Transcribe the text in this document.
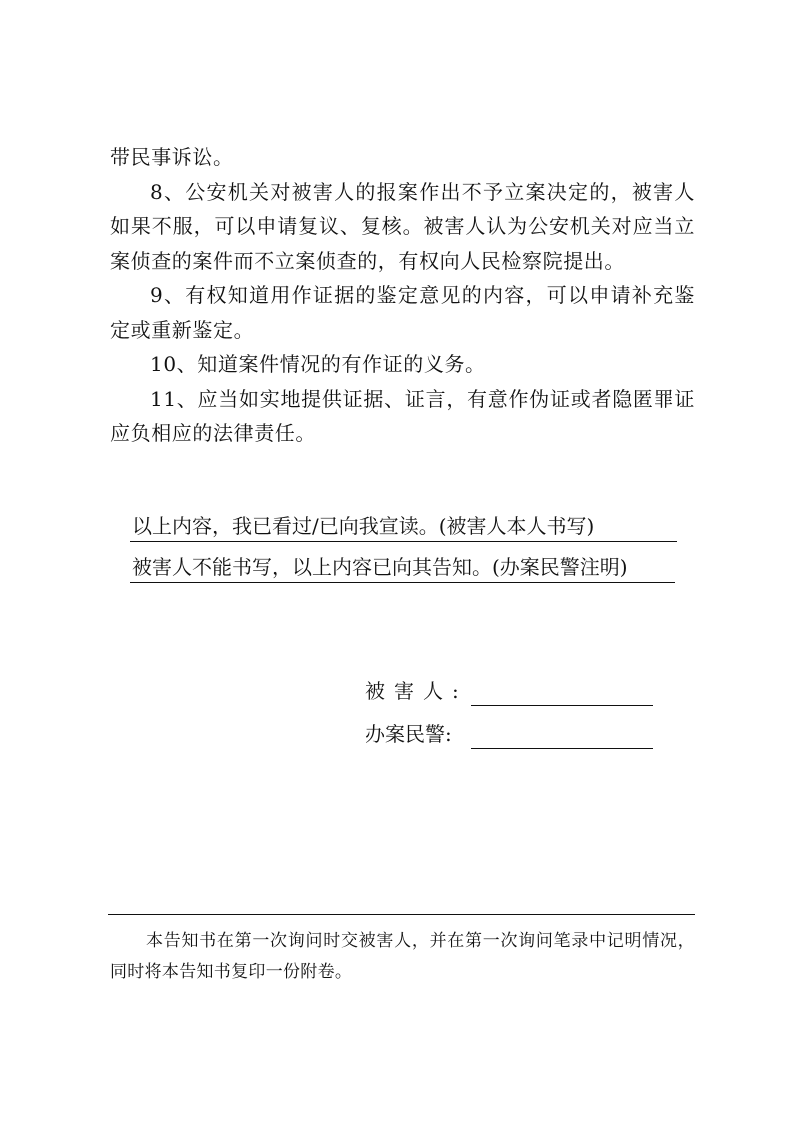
带民事诉讼。

8、公安机关对被害人的报案作出不予立案决定的，被害人如果不服，可以申请复议、复核。被害人认为公安机关对应当立案侦查的案件而不立案侦查的，有权向人民检察院提出。

9、有权知道用作证据的鉴定意见的内容，可以申请补充鉴定或重新鉴定。

10、知道案件情况的有作证的义务。

11、应当如实地提供证据、证言，有意作伪证或者隐匿罪证应负相应的法律责任。

以上内容，我已看过/已向我宣读。(被害人本人书写)
被害人不能书写，以上内容已向其告知。(办案民警注明)
被害人:
办案民警:

本告知书在第一次询问时交被害人，并在第一次询问笔录中记明情况，同时将本告知书复印一份附卷。
